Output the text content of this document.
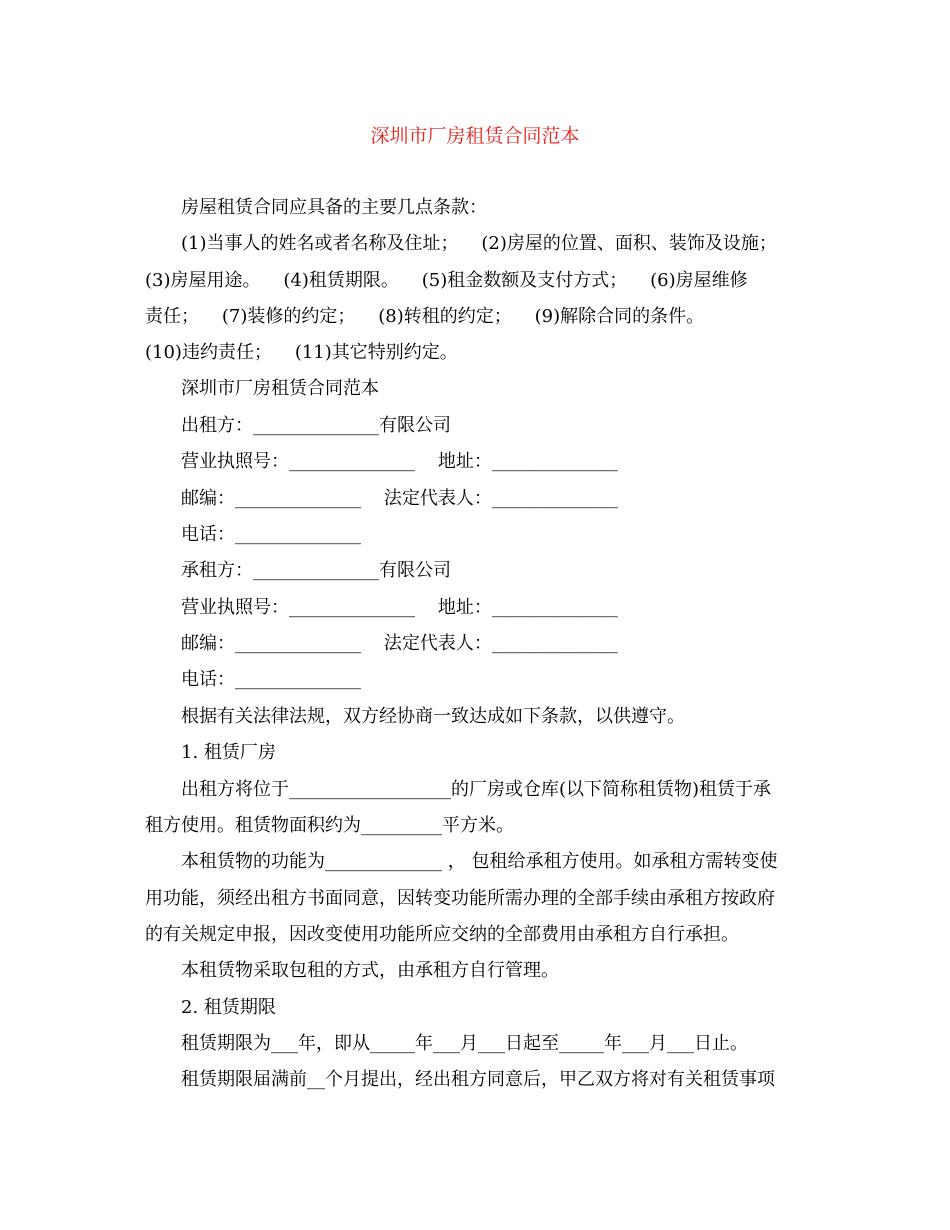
深圳市厂房租赁合同范本
房屋租赁合同应具备的主要几点条款：
(1)当事人的姓名或者名称及住址；    (2)房屋的位置、面积、装饰及设施；
(3)房屋用途。    (4)租赁期限。    (5)租金数额及支付方式；    (6)房屋维修
责任；    (7)装修的约定；    (8)转租的约定；    (9)解除合同的条件。
(10)违约责任；    (11)其它特别约定。
深圳市厂房租赁合同范本
出租方：______________有限公司
营业执照号：______________    地址：______________
邮编：______________    法定代表人：______________
电话：______________
承租方：______________有限公司
营业执照号：______________    地址：______________
邮编：______________    法定代表人：______________
电话：______________
根据有关法律法规，双方经协商一致达成如下条款，以供遵守。
1. 租赁厂房
出租方将位于__________________的厂房或仓库(以下简称租赁物)租赁于承
租方使用。租赁物面积约为_________平方米。
本租赁物的功能为_____________ ， 包租给承租方使用。如承租方需转变使
用功能，须经出租方书面同意，因转变功能所需办理的全部手续由承租方按政府
的有关规定申报，因改变使用功能所应交纳的全部费用由承租方自行承担。
本租赁物采取包租的方式，由承租方自行管理。
2. 租赁期限
租赁期限为___年，即从_____年___月___日起至_____年___月___日止。
租赁期限届满前__个月提出，经出租方同意后，甲乙双方将对有关租赁事项
